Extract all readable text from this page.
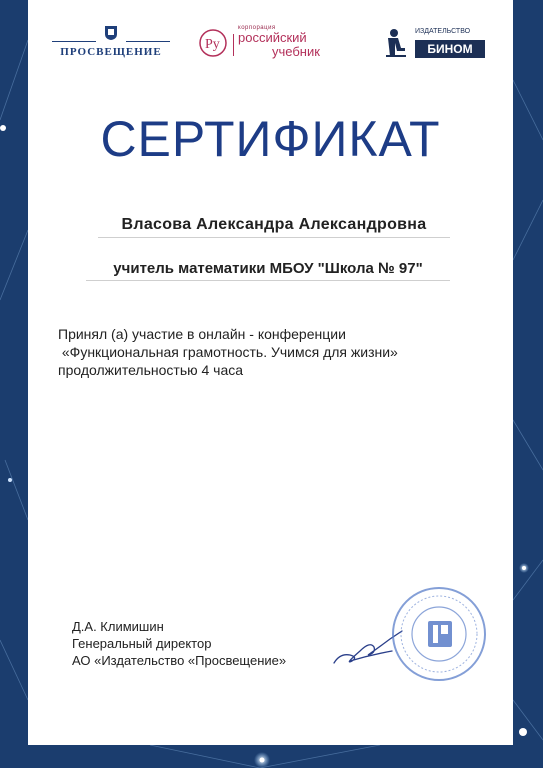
ПРОСВЕЩЕНИЕ	Ру
корпорация
российский
учебник
ИЗДАТЕЛЬСТВО
БИНОМ
СЕРТИФИКАТ
Власова Александра Александровна
учитель математики МБОУ "Школа № 97"
Принял (а) участие в онлайн - конференции
«Функциональная грамотность. Учимся для жизни»
продолжительностью 4 часа
Д.А. Климишин
Генеральный директор
АО «Издательство «Просвещение»
